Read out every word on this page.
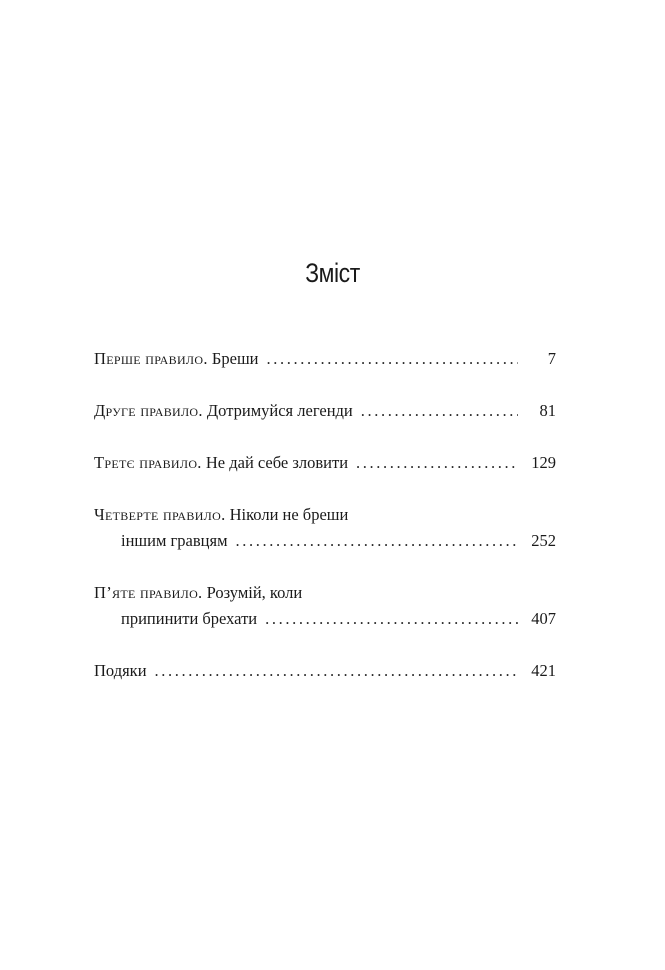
Зміст
Перше правило. Бреши . . .	7
Друге правило. Дотримуйся легенди . . .	81
Третє правило. Не дай себе зловити . . .	129
Четверте правило. Ніколи не бреши
іншим гравцям . . .	252
П’яте правило. Розумій, коли
припинити брехати . . .	407
Подяки . . .	421
